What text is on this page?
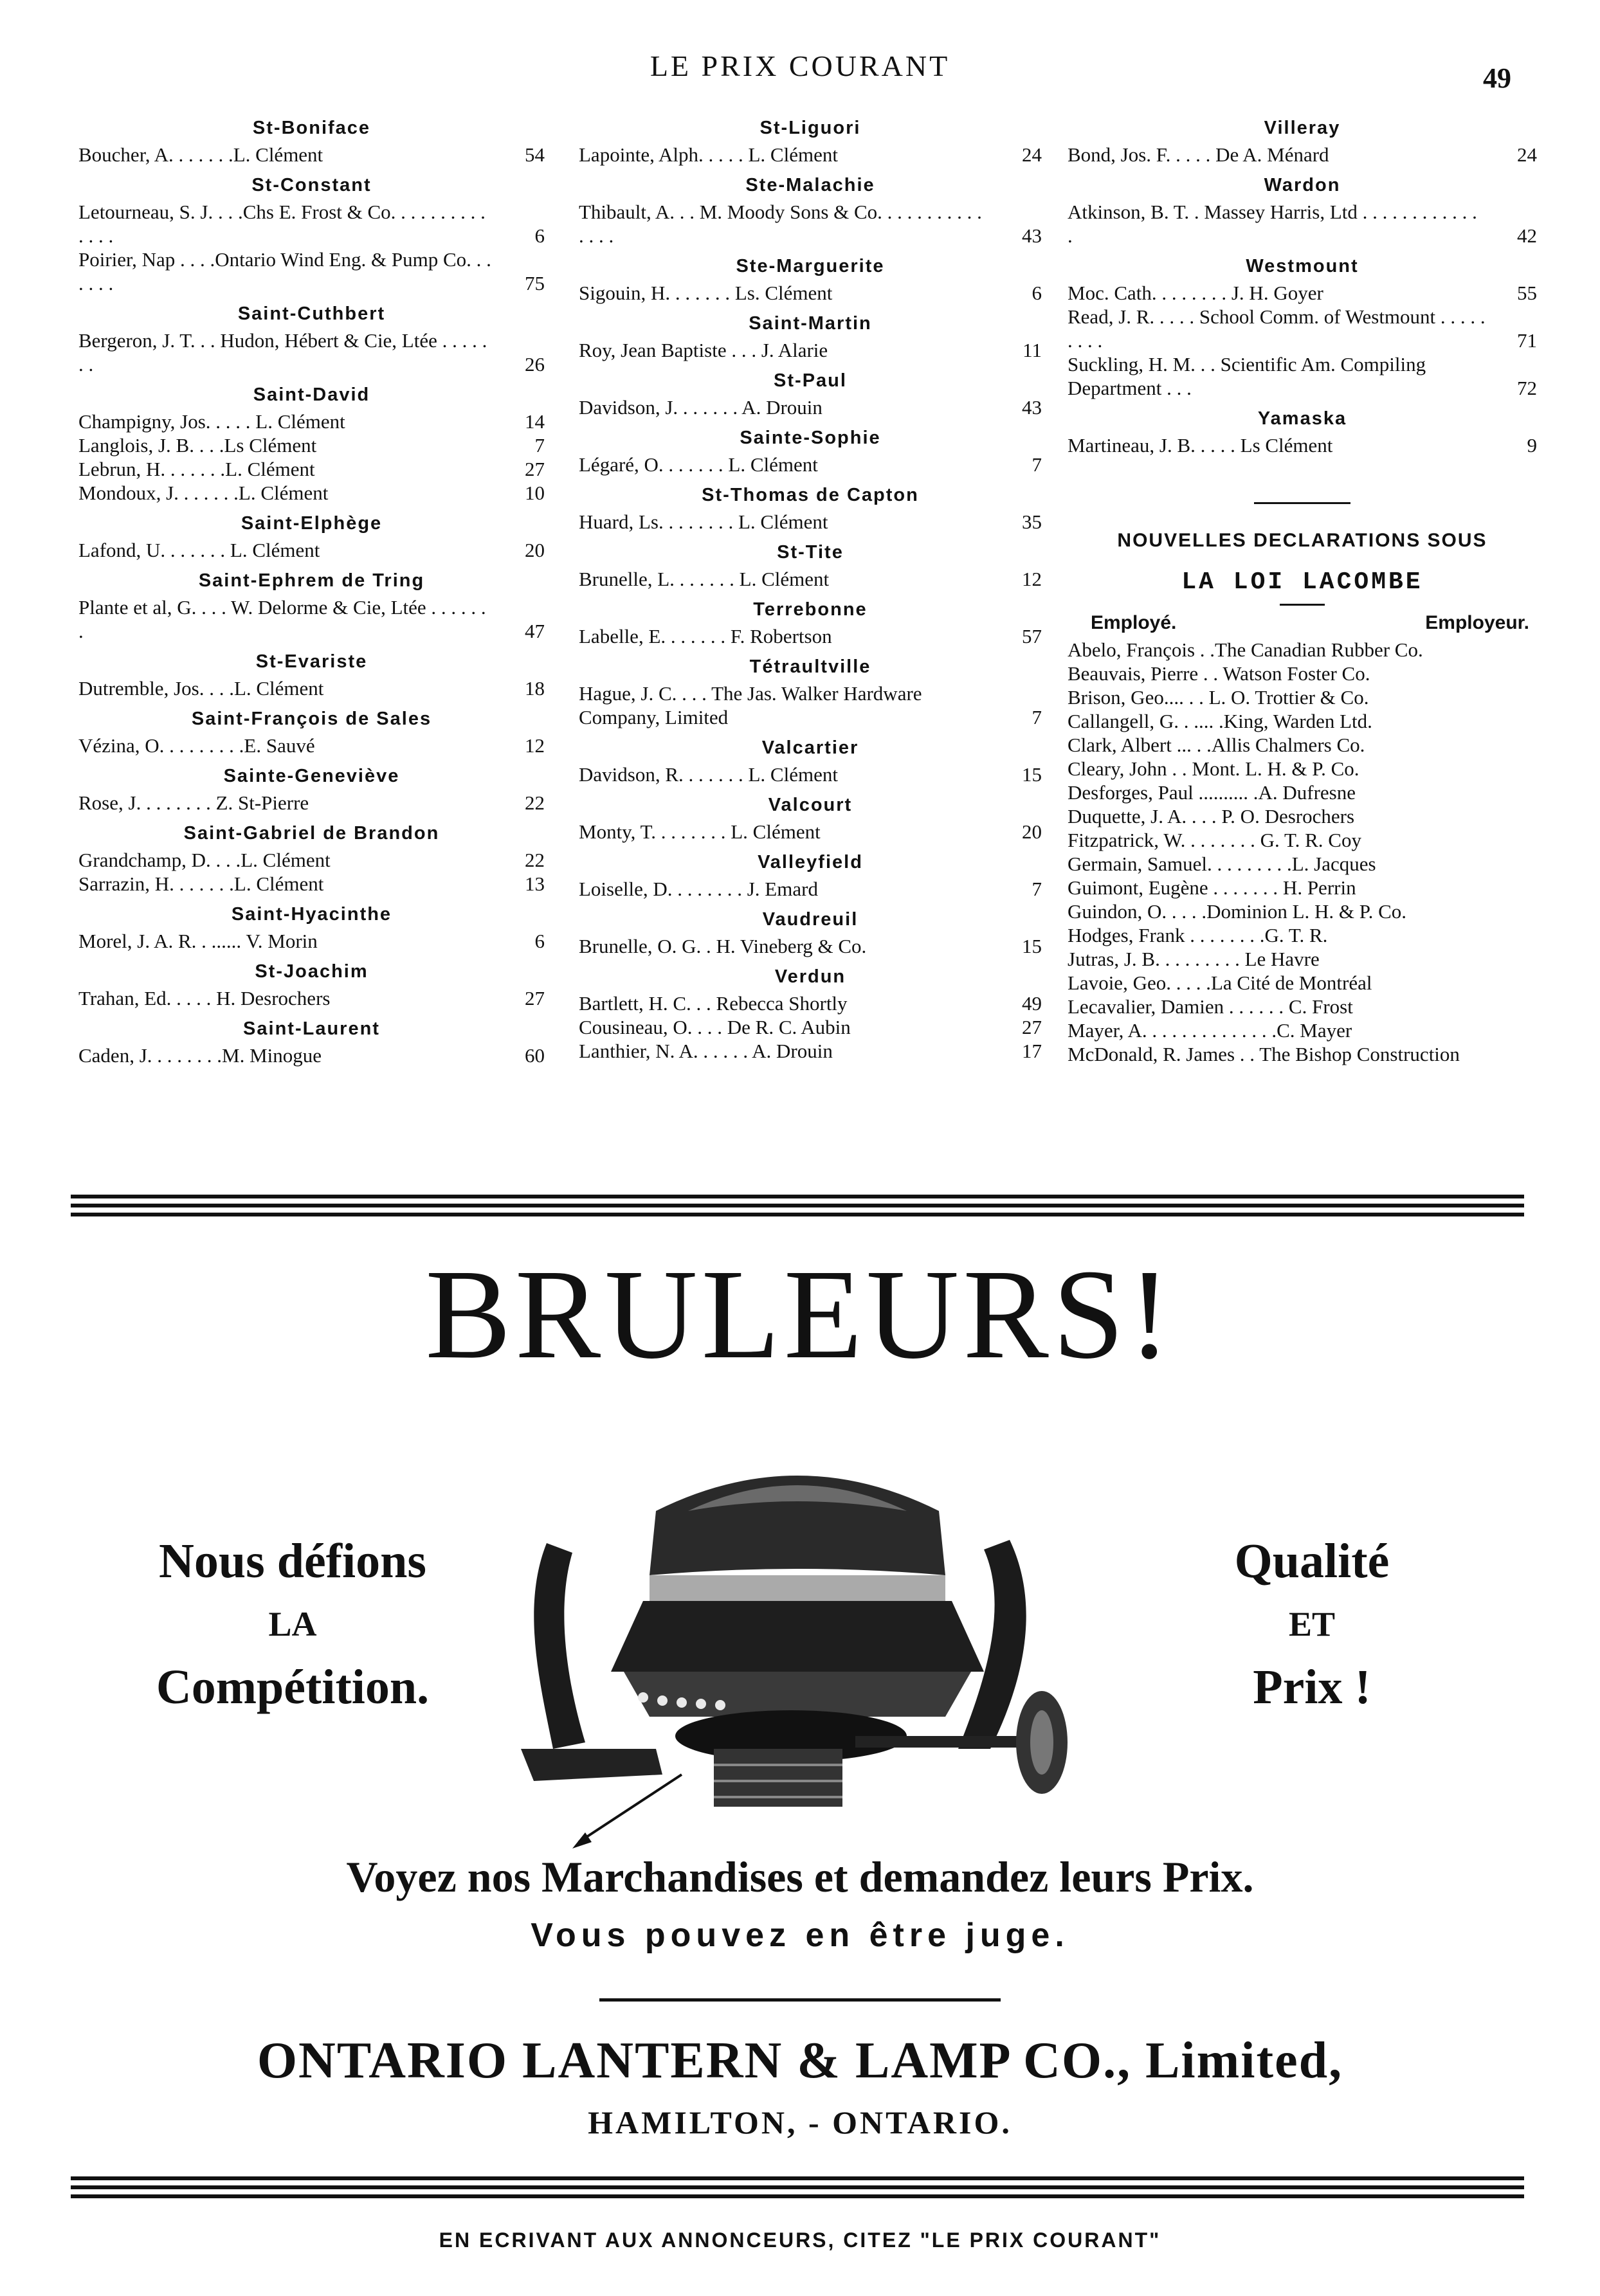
LE PRIX COURANT	49
St-Boniface
Boucher, A. . . . . . .L. Clément	54
St-Constant
Letourneau, S. J. . . .Chs E. Frost & Co. . . . . . . . . . . . . .	6
Poirier, Nap . . . .Ontario Wind Eng. & Pump Co. . . . . . .	75
Saint-Cuthbert
Bergeron, J. T. . . Hudon, Hébert & Cie, Ltée . . . . . . .	26
Saint-David
Champigny, Jos. . . . . L. Clément	14
Langlois, J. B. . . .Ls Clément	7
Lebrun, H. . . . . . .L. Clément	27
Mondoux, J. . . . . . .L. Clément	10
Saint-Elphège
Lafond, U. . . . . . . L. Clément	20
Saint-Ephrem de Tring
Plante et al, G. . . . W. Delorme & Cie, Ltée . . . . . . .	47
St-Evariste
Dutremble, Jos. . . .L. Clément	18
Saint-François de Sales
Vézina, O. . . . . . . . .E. Sauvé	12
Sainte-Geneviève
Rose, J. . . . . . . . Z. St-Pierre	22
Saint-Gabriel de Brandon
Grandchamp, D. . . .L. Clément	22
Sarrazin, H. . . . . . .L. Clément	13
Saint-Hyacinthe
Morel, J. A. R. . ...... V. Morin	6
St-Joachim
Trahan, Ed. . . . . H. Desrochers	27
Saint-Laurent
Caden, J. . . . . . . .M. Minogue	60
St-Liguori
Lapointe, Alph. . . . . L. Clément	24
Ste-Malachie
Thibault, A. . . M. Moody Sons & Co. . . . . . . . . . . . . . .	43
Ste-Marguerite
Sigouin, H. . . . . . . Ls. Clément	6
Saint-Martin
Roy, Jean Baptiste . . . J. Alarie	11
St-Paul
Davidson, J. . . . . . . A. Drouin	43
Sainte-Sophie
Légaré, O. . . . . . . L. Clément	7
St-Thomas de Capton
Huard, Ls. . . . . . . . L. Clément	35
St-Tite
Brunelle, L. . . . . . . L. Clément	12
Terrebonne
Labelle, E. . . . . . . F. Robertson	57
Tétraultville
Hague, J. C. . . . The Jas. Walker Hardware Company, Limited	7
Valcartier
Davidson, R. . . . . . . L. Clément	15
Valcourt
Monty, T. . . . . . . . L. Clément	20
Valleyfield
Loiselle, D. . . . . . . . J. Emard	7
Vaudreuil
Brunelle, O. G. . H. Vineberg & Co.	15
Verdun
Bartlett, H. C. . . Rebecca Shortly	49
Cousineau, O. . . . De R. C. Aubin	27
Lanthier, N. A. . . . . . A. Drouin	17
Villeray
Bond, Jos. F. . . . . De A. Ménard	24
Wardon
Atkinson, B. T. . Massey Harris, Ltd . . . . . . . . . . . . .	42
Westmount
Moc. Cath. . . . . . . . J. H. Goyer	55
Read, J. R. . . . . School Comm. of Westmount . . . . . . . . .	71
Suckling, H. M. . . Scientific Am. Compiling Department . . .	72
Yamaska
Martineau, J. B. . . . . Ls Clément	9
NOUVELLES DECLARATIONS SOUS
LA LOI LACOMBE
Employé.	Employeur.
Abelo, François . .The Canadian Rubber Co.
Beauvais, Pierre . . Watson Foster Co.
Brison, Geo.... . . L. O. Trottier & Co.
Callangell, G. . .... .King, Warden Ltd.
Clark, Albert ... . .Allis Chalmers Co.
Cleary, John . . Mont. L. H. & P. Co.
Desforges, Paul .......... .A. Dufresne
Duquette, J. A. . . . P. O. Desrochers
Fitzpatrick, W. . . . . . . . G. T. R. Coy
Germain, Samuel. . . . . . . . .L. Jacques
Guimont, Eugène . . . . . . . H. Perrin
Guindon, O. . . . .Dominion L. H. & P. Co.
Hodges, Frank . . . . . . . .G. T. R.
Jutras, J. B. . . . . . . . . Le Havre
Lavoie, Geo. . . . .La Cité de Montréal
Lecavalier, Damien . . . . . . C. Frost
Mayer, A. . . . . . . . . . . . . .C. Mayer
McDonald, R. James . . The Bishop Construction
BRULEURS!
Nous défions
LA
Compétition.
Qualité
ET
Prix !
Voyez nos Marchandises et demandez leurs Prix.
Vous pouvez en être juge.
ONTARIO LANTERN & LAMP CO., Limited,
HAMILTON, - ONTARIO.
EN ECRIVANT AUX ANNONCEURS, CITEZ "LE PRIX COURANT"
